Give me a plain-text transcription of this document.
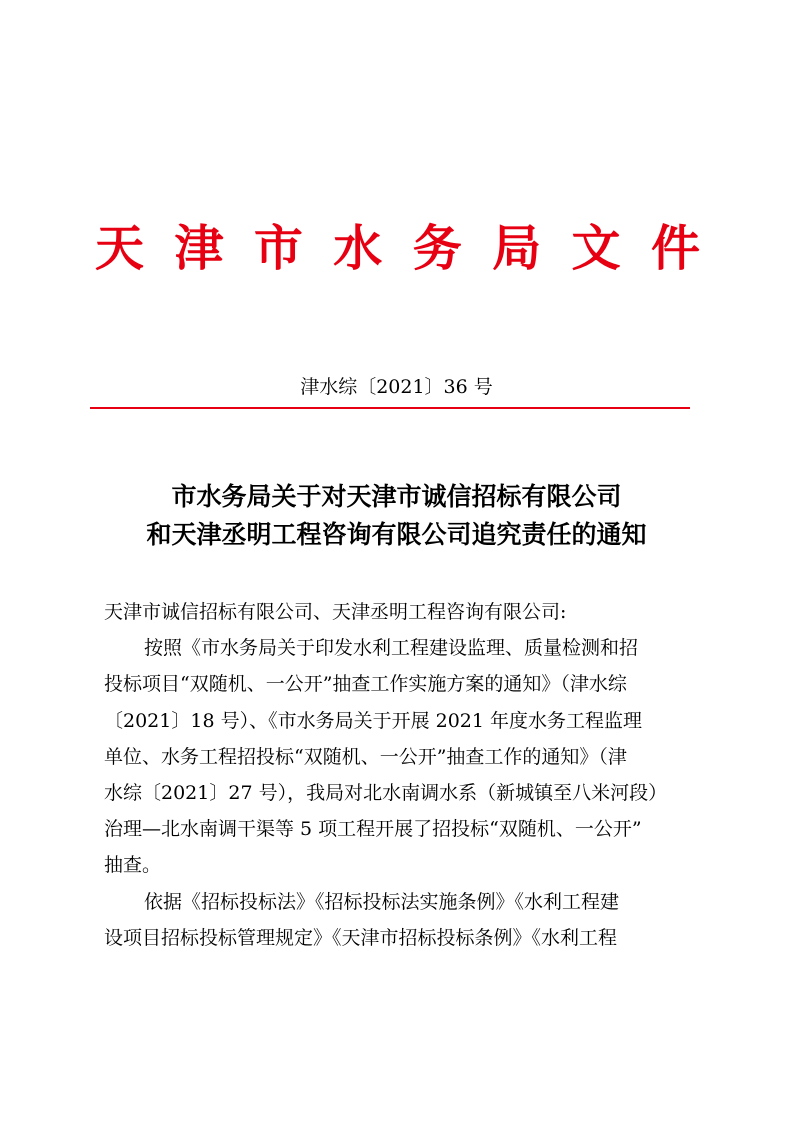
天 津 市 水 务 局 文 件
津水综〔2021〕36 号
市水务局关于对天津市诚信招标有限公司
和天津丞明工程咨询有限公司追究责任的通知
天津市诚信招标有限公司、天津丞明工程咨询有限公司:
按照《市水务局关于印发水利工程建设监理、质量检测和招
投标项目“双随机、一公开”抽查工作实施方案的通知》（津水综
〔2021〕18 号）、《市水务局关于开展 2021 年度水务工程监理
单位、水务工程招投标“双随机、一公开”抽查工作的通知》（津
水综〔2021〕27 号），我局对北水南调水系（新城镇至八米河段）
治理—北水南调干渠等 5 项工程开展了招投标“双随机、一公开”
抽查。
依据《招标投标法》《招标投标法实施条例》《水利工程建
设项目招标投标管理规定》《天津市招标投标条例》《水利工程
